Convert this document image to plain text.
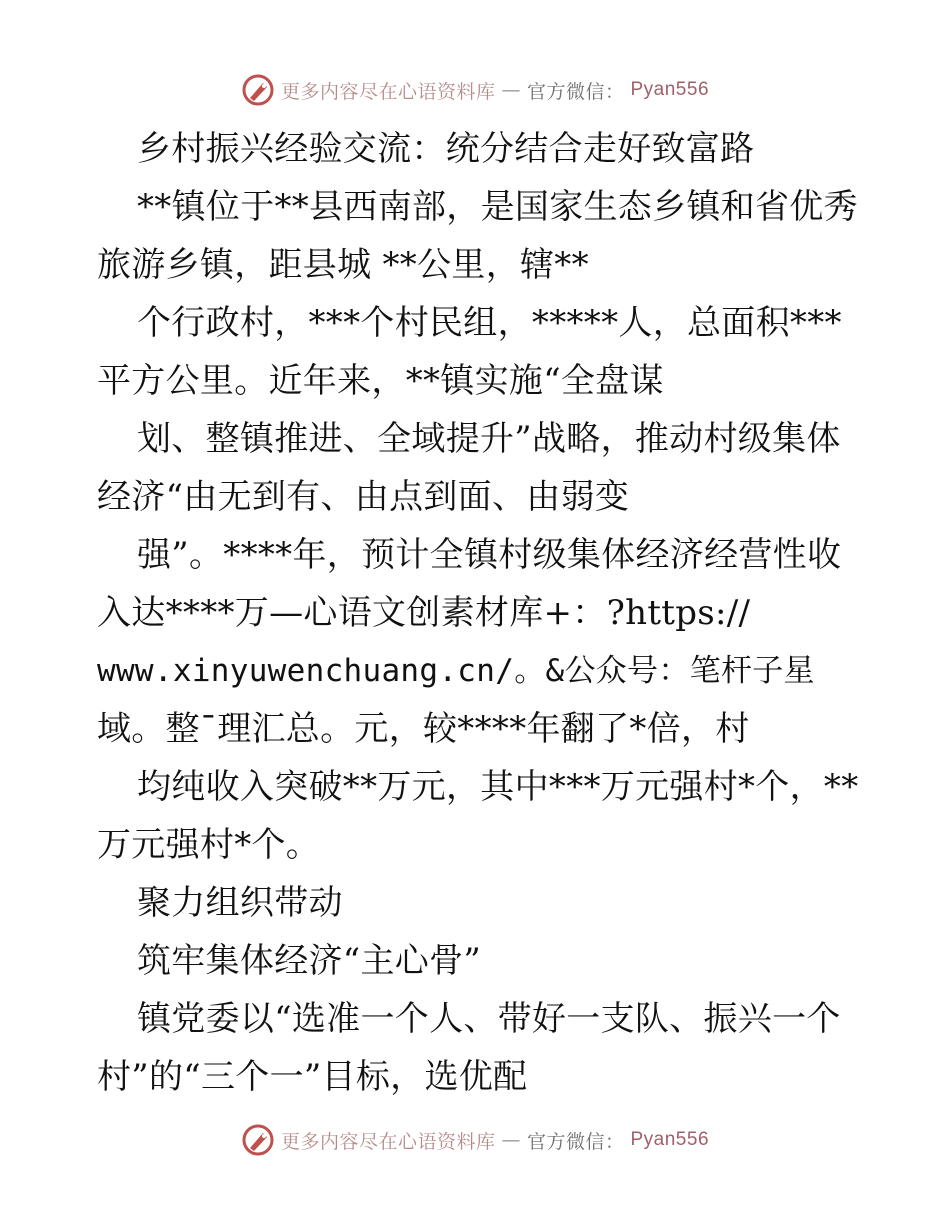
更多内容尽在心语资料库 — 官方微信： Pyan556
乡村振兴经验交流：统分结合走好致富路
**镇位于**县西南部，是国家生态乡镇和省优秀
旅游乡镇，距县城 **公里，辖**
个行政村，***个村民组，*****人，总面积***
平方公里。近年来，**镇实施“全盘谋
划、整镇推进、全域提升”战略，推动村级集体
经济“由无到有、由点到面、由弱变
强”。****年，预计全镇村级集体经济经营性收
入达****万—心语文创素材库+：?https://
www.xinyuwenchuang.cn/。&公众号：笔杆子星
域。整¯理汇总。元，较****年翻了*倍，村
均纯收入突破**万元，其中***万元强村*个，**
万元强村*个。
聚力组织带动
筑牢集体经济“主心骨”
镇党委以“选准一个人、带好一支队、振兴一个
村”的“三个一”目标，选优配
更多内容尽在心语资料库 — 官方微信： Pyan556
